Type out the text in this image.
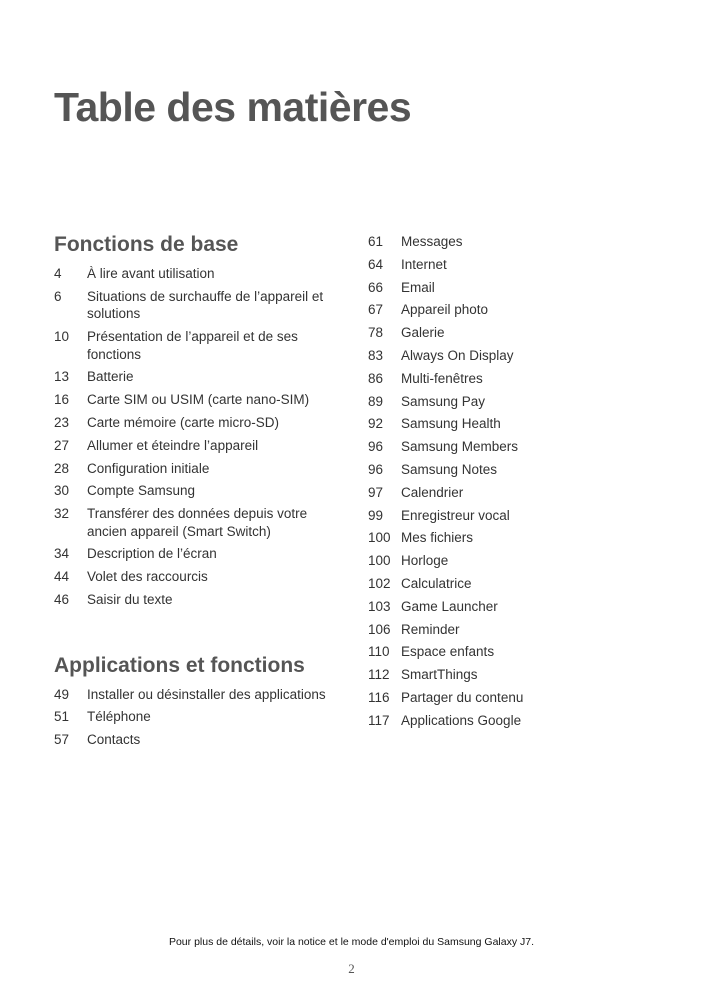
Table des matières
Fonctions de base
4	À lire avant utilisation
6	Situations de surchauffe de l’appareil et solutions
10	Présentation de l’appareil et de ses fonctions
13	Batterie
16	Carte SIM ou USIM (carte nano-SIM)
23	Carte mémoire (carte micro-SD)
27	Allumer et éteindre l’appareil
28	Configuration initiale
30	Compte Samsung
32	Transférer des données depuis votre ancien appareil (Smart Switch)
34	Description de l’écran
44	Volet des raccourcis
46	Saisir du texte
Applications et fonctions
49	Installer ou désinstaller des applications
51	Téléphone
57	Contacts
61	Messages
64	Internet
66	Email
67	Appareil photo
78	Galerie
83	Always On Display
86	Multi-fenêtres
89	Samsung Pay
92	Samsung Health
96	Samsung Members
96	Samsung Notes
97	Calendrier
99	Enregistreur vocal
100 Mes fichiers
100 Horloge
102 Calculatrice
103 Game Launcher
106 Reminder
110 Espace enfants
112 SmartThings
116 Partager du contenu
117 Applications Google
Pour plus de détails, voir la notice et le mode d'emploi du Samsung Galaxy J7.
2
